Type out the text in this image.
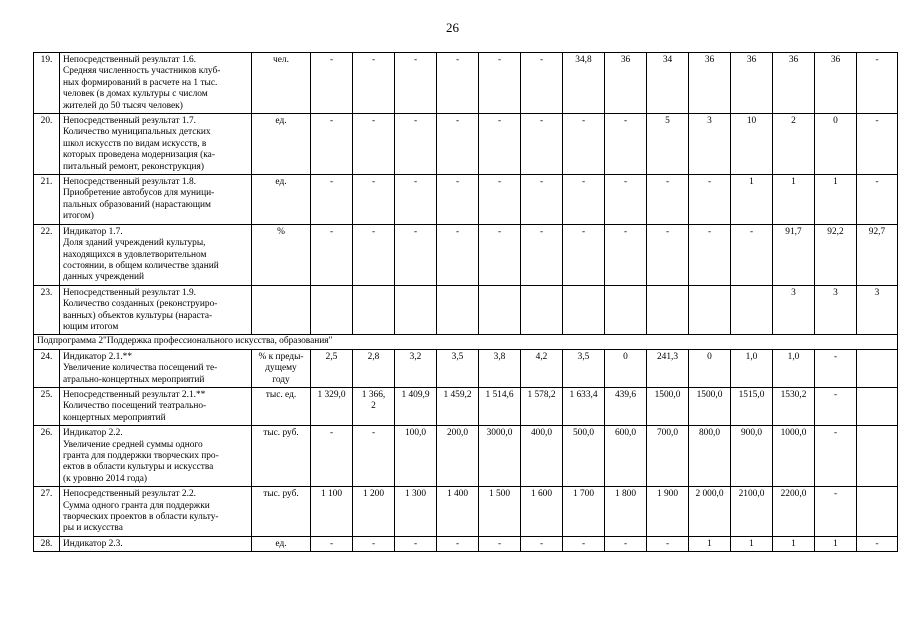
26
19.	Непосредственный результат 1.6.
Средняя численность участников клуб-
ных формирований в расчете на 1 тыс.
человек (в домах культуры с числом
жителей до 50 тысяч человек)	чел.	-	-	-	-	-	-	34,8	36	34	36	36	36	36	-
20.	Непосредственный результат 1.7.
Количество муниципальных детских
школ искусств по видам искусств, в
которых проведена модернизация (ка-
питальный ремонт, реконструкция)	ед.	-	-	-	-	-	-	-	-	5	3	10	2	0	-
21.	Непосредственный результат 1.8.
Приобретение автобусов для муници-
пальных образований (нарастающим
итогом)	ед.	-	-	-	-	-	-	-	-	-	-	1	1	1	-
22.	Индикатор 1.7.
Доля зданий учреждений культуры,
находящихся в удовлетворительном
состоянии, в общем количестве зданий
данных учреждений	%	-	-	-	-	-	-	-	-	-	-	-	91,7	92,2	92,7
23.	Непосредственный результат 1.9.
Количество созданных (реконструиро-
ванных) объектов культуры (нараста-
ющим итогом													3	3	3
Подпрограмма 2"Поддержка профессионального искусства, образования"																
24.	Индикатор 2.1.**
Увеличение количества посещений те-
атрально-концертных мероприятий	% к преды-
дущему
году	2,5	2,8	3,2	3,5	3,8	4,2	3,5	0	241,3	0	1,0	1,0	-	
25.	Непосредственный результат 2.1.**
Количество посещений театрально-
концертных мероприятий	тыс. ед.	1 329,0	1 366,
2	1 409,9	1 459,2	1 514,6	1 578,2	1 633,4	439,6	1500,0	1500,0	1515,0	1530,2	-	
26.	Индикатор 2.2.
Увеличение средней суммы одного
гранта для поддержки творческих про-
ектов в области культуры и искусства
(к уровню 2014 года)	тыс. руб.	-	-	100,0	200,0	3000,0	400,0	500,0	600,0	700,0	800,0	900,0	1000,0	-	
27.	Непосредственный результат 2.2.
Сумма одного гранта для поддержки
творческих проектов в области культу-
ры и искусства	тыс. руб.	1 100	1 200	1 300	1 400	1 500	1 600	1 700	1 800	1 900	2 000,0	2100,0	2200,0	-	
28.	Индикатор 2.3.	ед.	-	-	-	-	-	-	-	-	-	1	1	1	1	-
